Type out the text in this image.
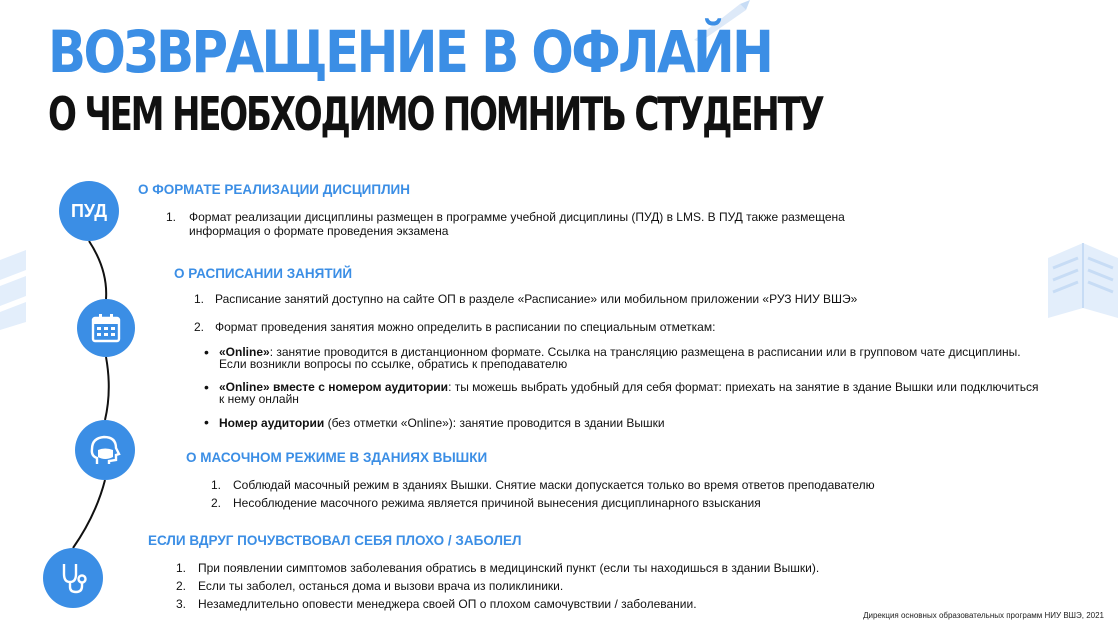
ВОЗВРАЩЕНИЕ В ОФЛАЙН
О ЧЕМ НЕОБХОДИМО ПОМНИТЬ СТУДЕНТУ
ПУД
О ФОРМАТЕ РЕАЛИЗАЦИИ ДИСЦИПЛИН
1. Формат реализации дисциплины размещен в программе учебной дисциплины (ПУД) в LMS. В ПУД также размещена
информация о формате проведения экзамена
О РАСПИСАНИИ ЗАНЯТИЙ
1. Расписание занятий доступно на сайте ОП в разделе «Расписание» или мобильном приложении «РУЗ НИУ ВШЭ»
2. Формат проведения занятия можно определить в расписании по специальным отметкам:
• «Online»: занятие проводится в дистанционном формате. Ссылка на трансляцию размещена в расписании или в групповом чате дисциплины.
Если возникли вопросы по ссылке, обратись к преподавателю
• «Online» вместе с номером аудитории: ты можешь выбрать удобный для себя формат: приехать на занятие в здание Вышки или подключиться
к нему онлайн
• Номер аудитории (без отметки «Online»): занятие проводится в здании Вышки
О МАСОЧНОМ РЕЖИМЕ В ЗДАНИЯХ ВЫШКИ
1. Соблюдай масочный режим в зданиях Вышки. Снятие маски допускается только во время ответов преподавателю
2. Несоблюдение масочного режима является причиной вынесения дисциплинарного взыскания
ЕСЛИ ВДРУГ ПОЧУВСТВОВАЛ СЕБЯ ПЛОХО / ЗАБОЛЕЛ
1. При появлении симптомов заболевания обратись в медицинский пункт (если ты находишься в здании Вышки).
2. Если ты заболел, останься дома и вызови врача из поликлиники.
3. Незамедлительно оповести менеджера своей ОП о плохом самочувствии / заболевании.
Дирекция основных образовательных программ НИУ ВШЭ, 2021
